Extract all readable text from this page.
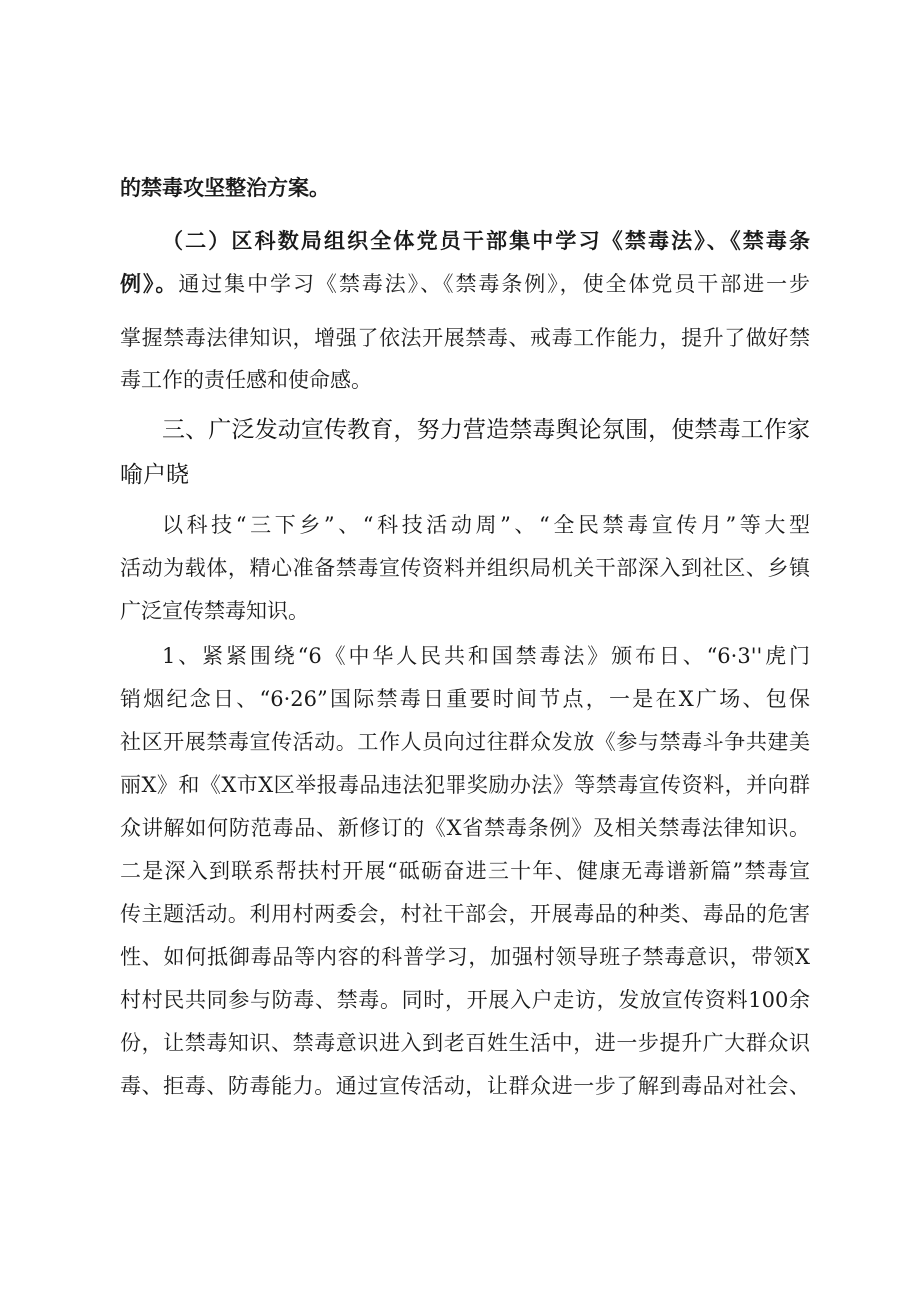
的禁毒攻坚整治方案。

（二）区科数局组织全体党员干部集中学习《禁毒法》、《禁毒条

例》。通过集中学习《禁毒法》、《禁毒条例》，使全体党员干部进一步

掌握禁毒法律知识，增强了依法开展禁毒、戒毒工作能力，提升了做好禁

毒工作的责任感和使命感。

三、广泛发动宣传教育，努力营造禁毒舆论氛围，使禁毒工作家

喻户晓

以科技“三下乡”、“科技活动周”、“全民禁毒宣传月”等大型

活动为载体，精心准备禁毒宣传资料并组织局机关干部深入到社区、乡镇

广泛宣传禁毒知识。

1、紧紧围绕“6《中华人民共和国禁毒法》颁布日、“6·3''虎门

销烟纪念日、“6·26”国际禁毒日重要时间节点，一是在X广场、包保

社区开展禁毒宣传活动。工作人员向过往群众发放《参与禁毒斗争共建美

丽X》和《X市X区举报毒品违法犯罪奖励办法》等禁毒宣传资料，并向群

众讲解如何防范毒品、新修订的《X省禁毒条例》及相关禁毒法律知识。

二是深入到联系帮扶村开展“砥砺奋进三十年、健康无毒谱新篇”禁毒宣

传主题活动。利用村两委会，村社干部会，开展毒品的种类、毒品的危害

性、如何抵御毒品等内容的科普学习，加强村领导班子禁毒意识，带领X

村村民共同参与防毒、禁毒。同时，开展入户走访，发放宣传资料100余

份，让禁毒知识、禁毒意识进入到老百姓生活中，进一步提升广大群众识

毒、拒毒、防毒能力。通过宣传活动，让群众进一步了解到毒品对社会、
